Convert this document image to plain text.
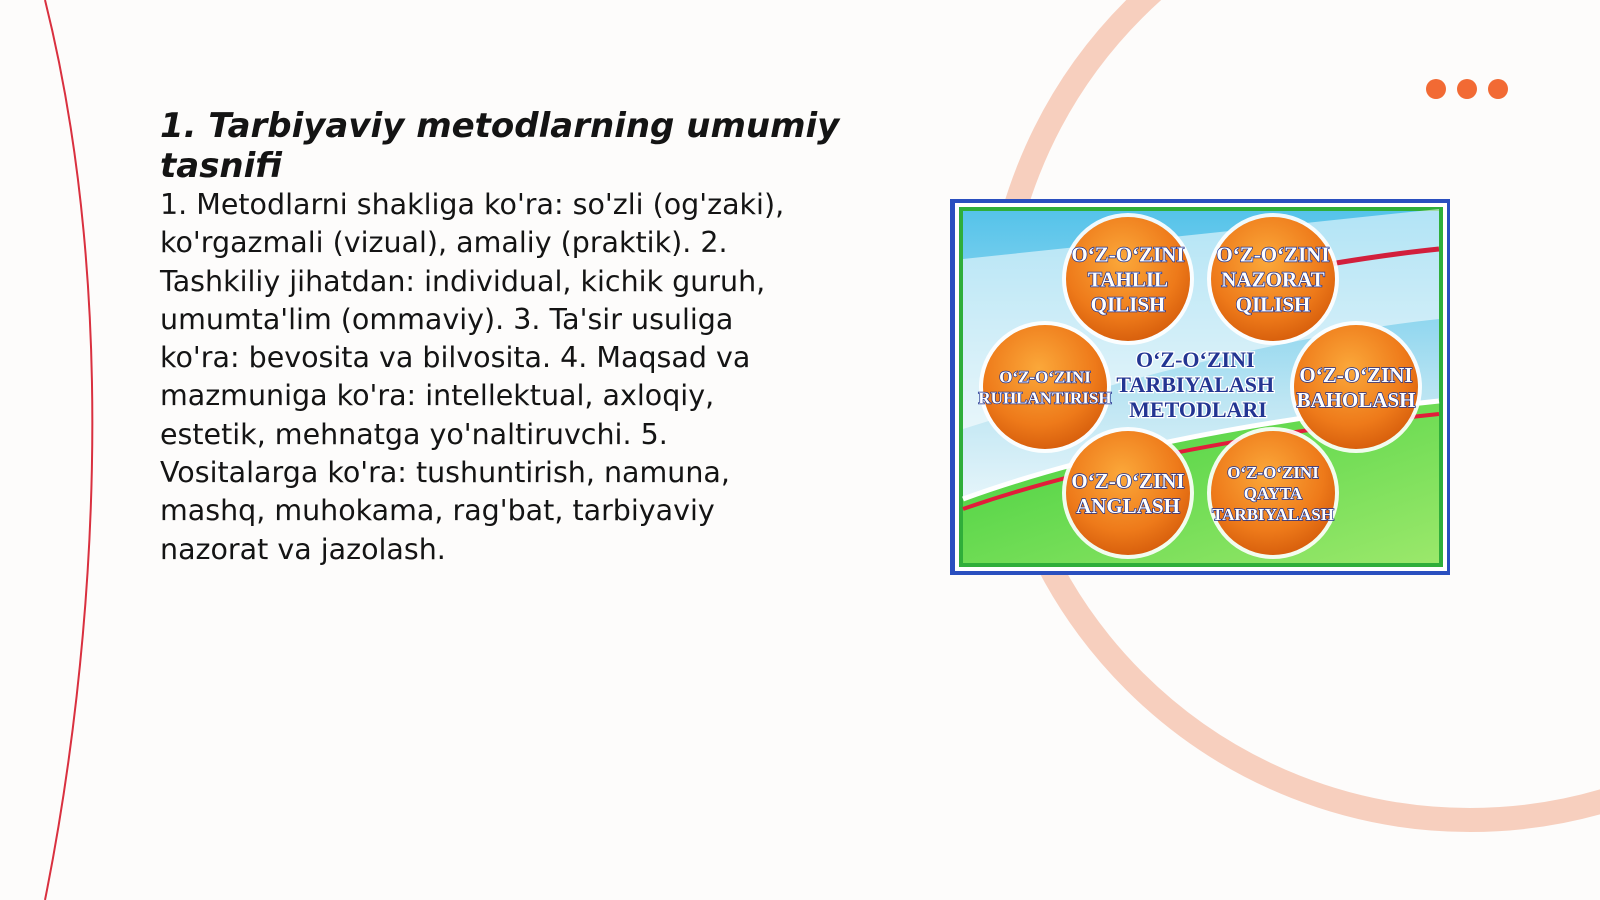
1. Tarbiyaviy metodlarning umumiy tasnifi

1. Metodlarni shakliga ko'ra: so'zli (og'zaki), ko'rgazmali (vizual), amaliy (praktik). 2. Tashkiliy jihatdan: individual, kichik guruh, umumta'lim (ommaviy). 3. Ta'sir usuliga ko'ra: bevosita va bilvosita. 4. Maqsad va mazmuniga ko'ra: intellektual, axloqiy, estetik, mehnatga yo'naltiruvchi. 5. Vositalarga ko'ra: tushuntirish, namuna, mashq, muhokama, rag'bat, tarbiyaviy nazorat va jazolash.

O‘Z-O‘ZINI TAHLIL QILISH
O‘Z-O‘ZINI NAZORAT QILISH
O‘Z-O‘ZINI RUHLANTIRISH
O‘Z-O‘ZINI BAHOLASH
O‘Z-O‘ZINI ANGLASH
O‘Z-O‘ZINI QAYTA TARBIYALASH
O‘Z-O‘ZINI TARBIYALASH METODLARI
